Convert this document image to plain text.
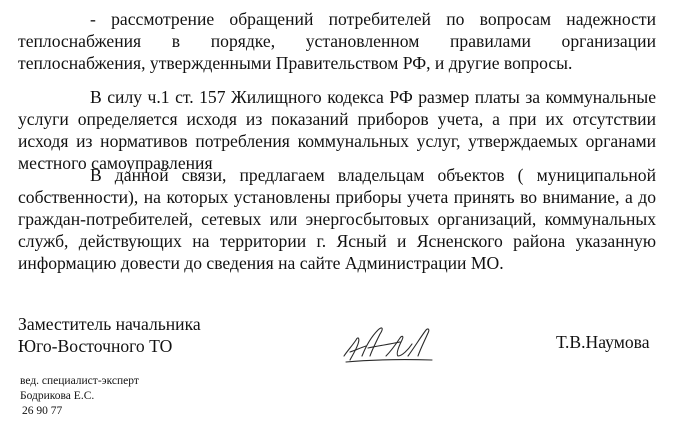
- рассмотрение обращений потребителей по вопросам надежности теплоснабжения в порядке, установленном правилами организации теплоснабжения, утвержденными Правительством РФ, и другие вопросы.

В силу ч.1 ст. 157 Жилищного кодекса РФ размер платы за коммунальные услуги определяется исходя из показаний приборов учета, а при их отсутствии исходя из нормативов потребления коммунальных услуг, утверждаемых органами местного самоуправления

В данной связи, предлагаем владельцам объектов ( муниципальной собственности), на которых установлены приборы учета принять во внимание, а до граждан-потребителей, сетевых или энергосбытовых организаций, коммунальных служб, действующих на территории г. Ясный и Ясненского района указанную информацию довести до сведения на сайте Администрации МО.

Заместитель начальника
Юго-Восточного ТО	Т.В.Наумова
вед. специалист-эксперт
Бодрикова Е.С.
26 90 77
